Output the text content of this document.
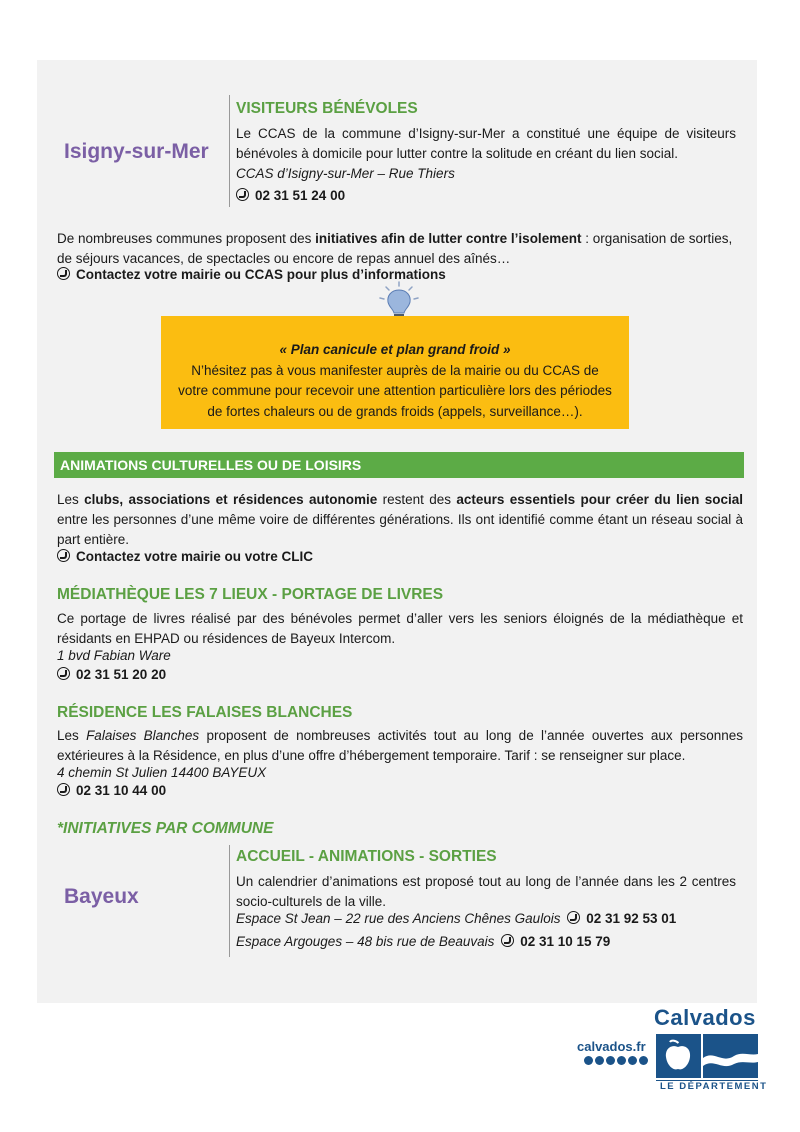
Isigny-sur-Mer
VISITEURS BÉNÉVOLES
Le CCAS de la commune d’Isigny-sur-Mer a constitué une équipe de visiteurs bénévoles à domicile pour lutter contre la solitude en créant du lien social.
CCAS d’Isigny-sur-Mer – Rue Thiers
02 31 51 24 00
De nombreuses communes proposent des initiatives afin de lutter contre l’isolement : organisation de sorties, de séjours vacances, de spectacles ou encore de repas annuel des aînés…
Contactez votre mairie ou CCAS pour plus d’informations
« Plan canicule et plan grand froid »
N’hésitez pas à vous manifester auprès de la mairie ou du CCAS de votre commune pour recevoir une attention particulière lors des périodes de fortes chaleurs ou de grands froids (appels, surveillance…).
ANIMATIONS CULTURELLES OU DE LOISIRS
Les clubs, associations et résidences autonomie restent des acteurs essentiels pour créer du lien social entre les personnes d’une même voire de différentes générations. Ils ont identifié comme étant un réseau social à part entière.
Contactez votre mairie ou votre CLIC
MÉDIATHÈQUE LES 7 LIEUX - PORTAGE DE LIVRES
Ce portage de livres réalisé par des bénévoles permet d’aller vers les seniors éloignés de la médiathèque et résidants en EHPAD ou résidences de Bayeux Intercom.
1 bvd Fabian Ware
02 31 51 20 20
RÉSIDENCE LES FALAISES BLANCHES
Les Falaises Blanches proposent de nombreuses activités tout au long de l’année ouvertes aux personnes extérieures à la Résidence, en plus d’une offre d’hébergement temporaire. Tarif : se renseigner sur place.
4 chemin St Julien 14400 BAYEUX
02 31 10 44 00
*INITIATIVES PAR COMMUNE
Bayeux
ACCUEIL - ANIMATIONS - SORTIES
Un calendrier d’animations est proposé tout au long de l’année dans les 2 centres socio-culturels de la ville.
Espace St Jean – 22 rue des Anciens Chênes Gaulois 02 31 92 53 01
Espace Argouges – 48 bis rue de Beauvais 02 31 10 15 79
calvados.fr
Calvados
LE DÉPARTEMENT
